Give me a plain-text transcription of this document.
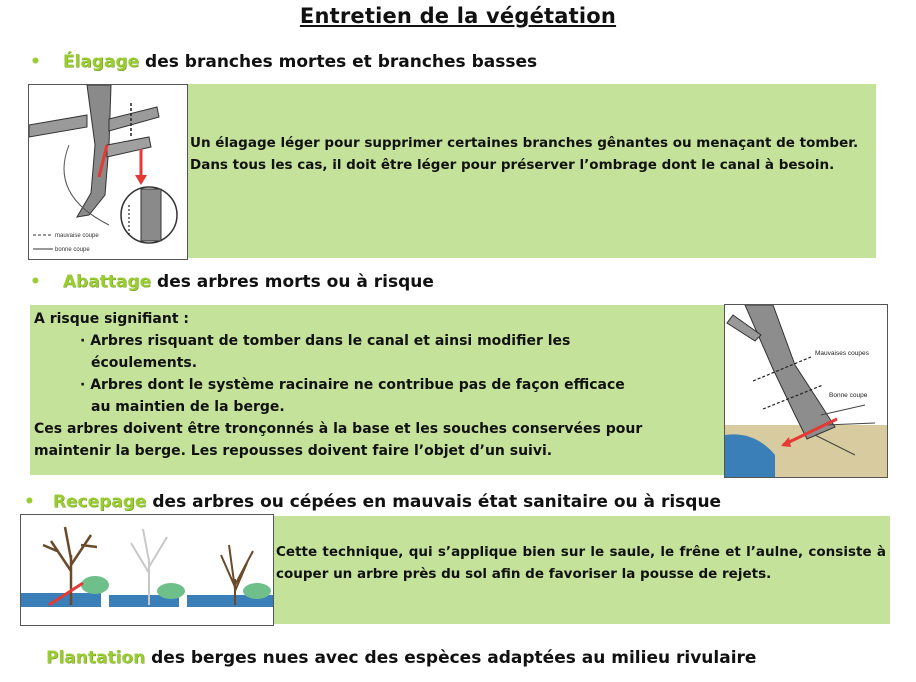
Entretien de la végétation
• Élagage des branches mortes et branches basses
mauvaise coupe
bonne coupe
Un élagage léger pour supprimer certaines branches gênantes ou menaçant de tomber. Dans tous les cas, il doit être léger pour préserver l’ombrage dont le canal à besoin.
• Abattage des arbres morts ou à risque
A risque signifiant :
· Arbres risquant de tomber dans le canal et ainsi modifier les
écoulements.
· Arbres dont le système racinaire ne contribue pas de façon efficace
au maintien de la berge.
Ces arbres doivent être tronçonnés à la base et les souches conservées pour maintenir la berge. Les repousses doivent faire l’objet d’un suivi.
Mauvaises coupes
Bonne coupe
• Recepage des arbres ou cépées en mauvais état sanitaire ou à risque
Cette technique, qui s’applique bien sur le saule, le frêne et l’aulne, consiste à couper un arbre près du sol afin de favoriser la pousse de rejets.
Plantation des berges nues avec des espèces adaptées au milieu rivulaire
